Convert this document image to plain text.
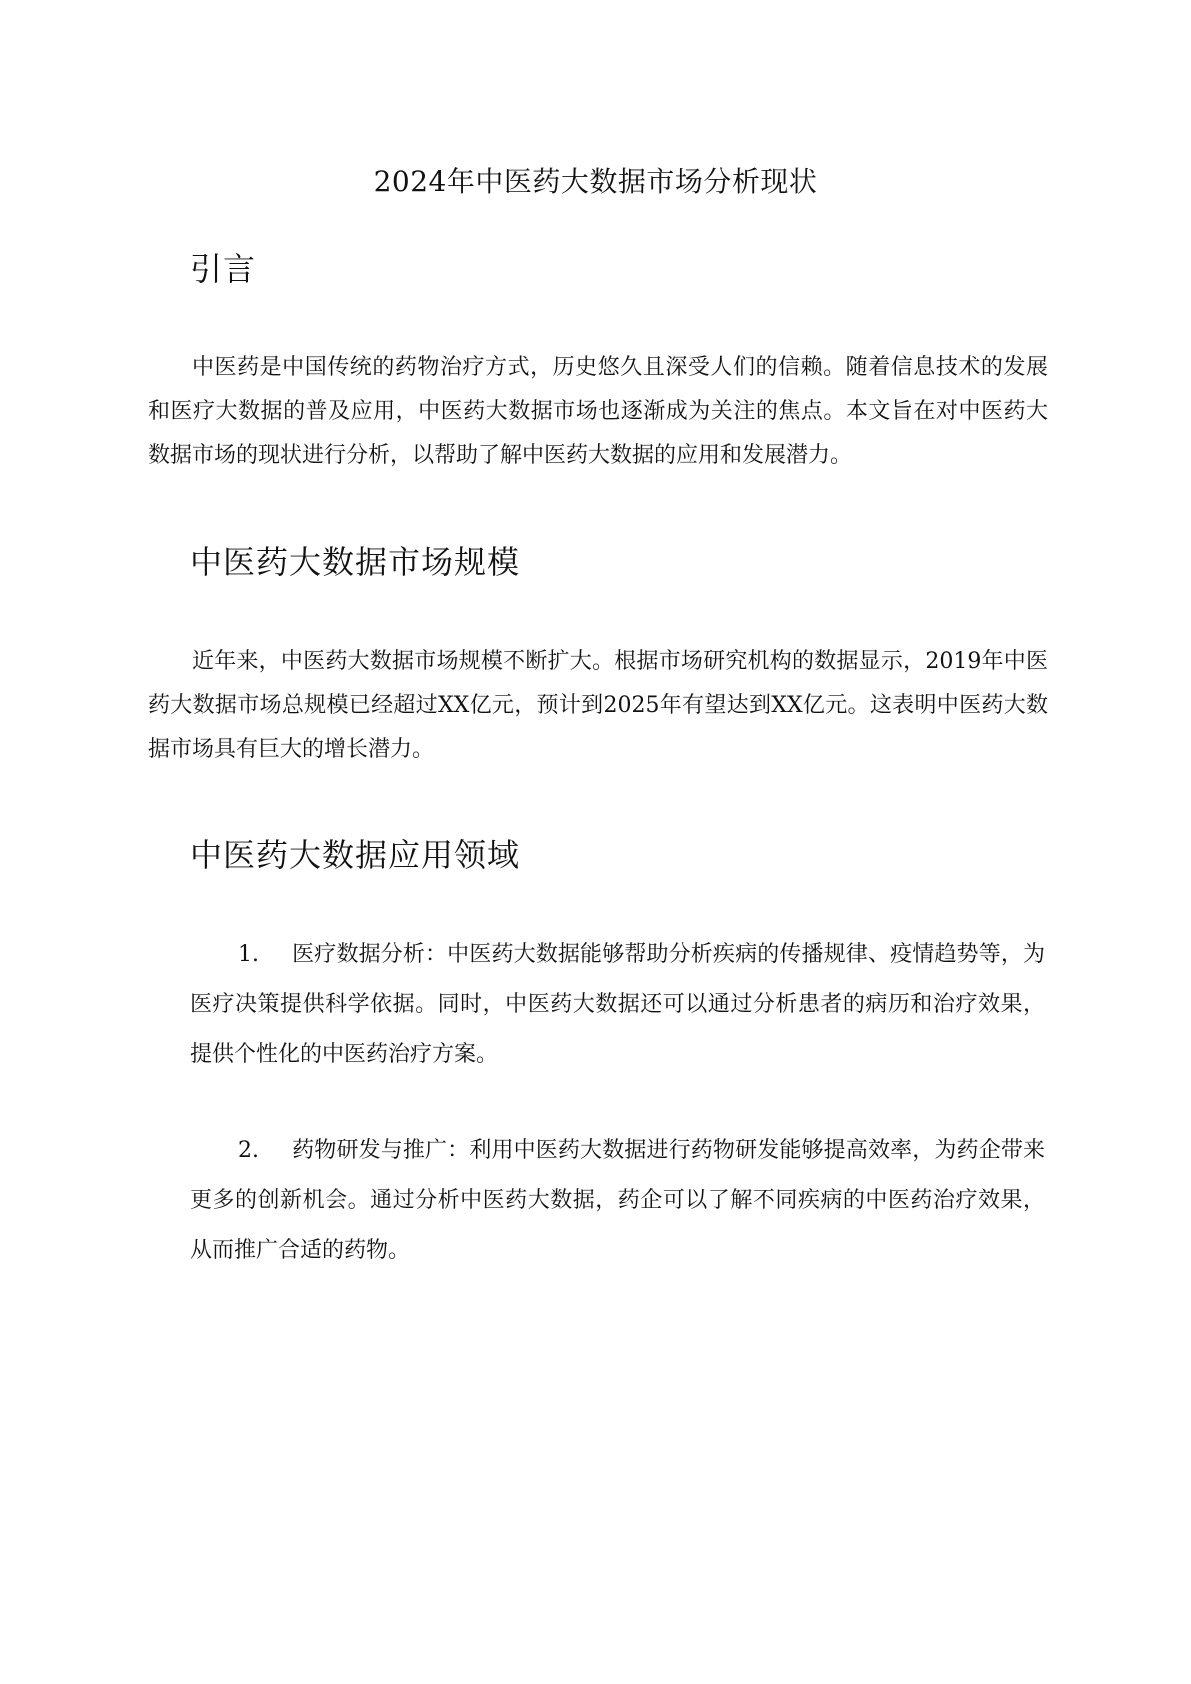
2024年中医药大数据市场分析现状
引言

中医药是中国传统的药物治疗方式，历史悠久且深受人们的信赖。随着信息技术的发展和医疗大数据的普及应用，中医药大数据市场也逐渐成为关注的焦点。本文旨在对中医药大数据市场的现状进行分析，以帮助了解中医药大数据的应用和发展潜力。

中医药大数据市场规模

近年来，中医药大数据市场规模不断扩大。根据市场研究机构的数据显示，2019年中医药大数据市场总规模已经超过XX亿元，预计到2025年有望达到XX亿元。这表明中医药大数据市场具有巨大的增长潜力。

中医药大数据应用领域
1. 医疗数据分析：中医药大数据能够帮助分析疾病的传播规律、疫情趋势等，为医疗决策提供科学依据。同时，中医药大数据还可以通过分析患者的病历和治疗效果，提供个性化的中医药治疗方案。
2. 药物研发与推广：利用中医药大数据进行药物研发能够提高效率，为药企带来更多的创新机会。通过分析中医药大数据，药企可以了解不同疾病的中医药治疗效果，从而推广合适的药物。
